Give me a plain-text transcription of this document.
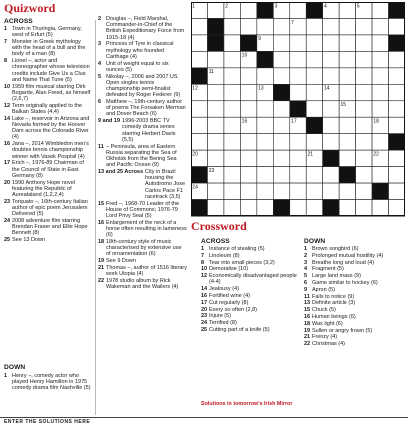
Quizword
ACROSS
1 Town in Thuringia, Germany, west of Erfurt (5)
7 Monster in Greek mythology with the head of a bull and the body of a man (8)
8 Lionel –, actor and choreographer whose television credits include Give Us a Clue and Name That Tune (5)
10 1959 film musical starring Dirk Bogarde, Alan Freed, as himself (2,6,7)
12 Term originally applied to the Balkan States (4,4)
14 Lake –, reservoir in Arizona and Nevada formed by the Hoover Dam across the Colorado River (4)
16 Jana –, 2014 Wimbledon men's doubles tennis championship winner with Vasek Pospisil (4)
17 Erich –, 1976-89 Chairman of the Council of State in East Germany (8)
20 1990 Anthony Hope novel featuring the Republic of Aureataland (1,2,2,4)
23 Torquato –, 16th-century Italian author of epic poem Jerusalem Delivered (5)
24 2008 adventure film starring Brendan Fraser and Ellie Hope Bennett (8)
25 See 13 Down
DOWN
1 Henry –, comedy actor who played Henry Hamilton in 1975 comedy drama film Nashville (5)
2 Douglas –, Field Marshal, Commander-in-Chief of the British Expeditionary Force from 1915-18 (4)
3 Princess of Tyre in classical mythology who founded Carthage (4)
4 Unit of weight equal to six ounces (5)
5 Nikolay –, 2006 and 2007 US Open singles tennis championship semi-finalist defeated by Roger Federer (9)
6 Matthew –, 19th-century author of poems The Forsaken Merman and Dover Beach (6)
9 and 19 1996-2003 BBC TV comedy drama series starring Herbert Davis (5,5)
11 – Peninsula, area of Eastern Russia separating the Sea of Okhotsk from the Bering Sea and Pacific Ocean (9)
13 and 25 Across City in Brazil housing the Autodromo Jose Carlos Pace F1 racetrack (3,5)
15 Fred –, 1968-70 Leader of the House of Commons; 1976-79 Lord Privy Seal (5)
16 Enlargement of the neck of a horse often resulting in lameness (6)
18 18th-century style of music characterised by extensive use of ornamentation (6)
19 See 9 Down
21 Thomas –, author of 1516 literary work Utopia (4)
22 1978 studio album by Rick Wakeman and the Wailers (4)
1	2	3	4	5	6
7
9
10
11
12	13	14
15
16	17	18
20	21	22
23
24
25
Crossword
ACROSS
1 Instance of stealing (5)
7 Linoleum (8)
8 Tear into small pieces (3,2)
10 Demoralise (10)
12 Economically disadvantaged people (4-4)
14 Jealousy (4)
16 Fortified wine (4)
17 Cut regularly (8)
20 Every so often (2,8)
23 Injure (5)
24 Terrified (8)
25 Cutting part of a knife (5)
DOWN
1 Brown songbird (6)
2 Prolonged mutual hostility (4)
3 Breathe long and loud (4)
4 Fragment (5)
5 Large land mass (9)
6 Game similar to hockey (6)
9 Apron (5)
11 Fails to notice (9)
13 Definite article (3)
15 Chuck (5)
16 Human beings (6)
18 Wax light (6)
19 Sullen or angry frown (5)
21 Frenzy (4)
22 Christmas (4)
Solutions in tomorrow's Irish Mirror
ENTER THE SOLUTIONS HERE
